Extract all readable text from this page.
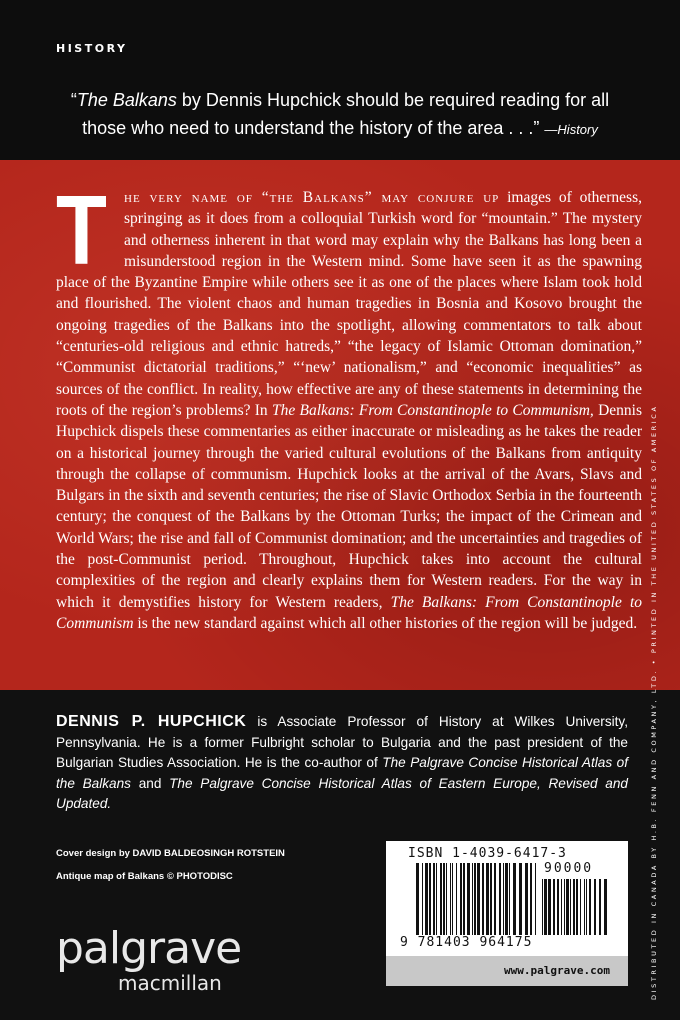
HISTORY
“The Balkans by Dennis Hupchick should be required reading for all those who need to understand the history of the area . . .” —History
T he very name of “the Balkans” may conjure up images of otherness, springing as it does from a colloquial Turkish word for “mountain.” The mystery and otherness inherent in that word may explain why the Balkans has long been a misunderstood region in the Western mind. Some have seen it as the spawning place of the Byzantine Empire while others see it as one of the places where Islam took hold and flourished. The violent chaos and human tragedies in Bosnia and Kosovo brought the ongoing tragedies of the Balkans into the spotlight, allowing commentators to talk about “centuries-old religious and ethnic hatreds,” “the legacy of Islamic Ottoman domination,” “Communist dictatorial traditions,” “‘new’ nationalism,” and “economic inequalities” as sources of the conflict. In reality, how effective are any of these statements in determining the roots of the region’s problems? In The Balkans: From Constantinople to Communism, Dennis Hupchick dispels these commentaries as either inaccurate or misleading as he takes the reader on a historical journey through the varied cultural evolutions of the Balkans from antiquity through the collapse of communism. Hupchick looks at the arrival of the Avars, Slavs and Bulgars in the sixth and seventh centuries; the rise of Slavic Orthodox Serbia in the fourteenth century; the conquest of the Balkans by the Ottoman Turks; the impact of the Crimean and World Wars; the rise and fall of Communist domination; and the uncertainties and tragedies of the post-Communist period. Throughout, Hupchick takes into account the cultural complexities of the region and clearly explains them for Western readers. For the way in which it demystifies history for Western readers, The Balkans: From Constantinople to Communism is the new standard against which all other histories of the region will be judged.	DISTRIBUTED IN CANADA BY H.B. FENN AND COMPANY, LTD. • PRINTED IN THE UNITED STATES OF AMERICA
DENNIS P. HUPCHICK is Associate Professor of History at Wilkes University, Pennsylvania. He is a former Fulbright scholar to Bulgaria and the past president of the Bulgarian Studies Association. He is the co-author of The Palgrave Concise Historical Atlas of the Balkans and The Palgrave Concise Historical Atlas of Eastern Europe, Revised and Updated.
Cover design by DAVID BALDEOSINGH ROTSTEIN
Antique map of Balkans © PHOTODISC
palgrave
macmillan
ISBN 1-4039-6417-3
90000
9 781403 964175
www.palgrave.com
